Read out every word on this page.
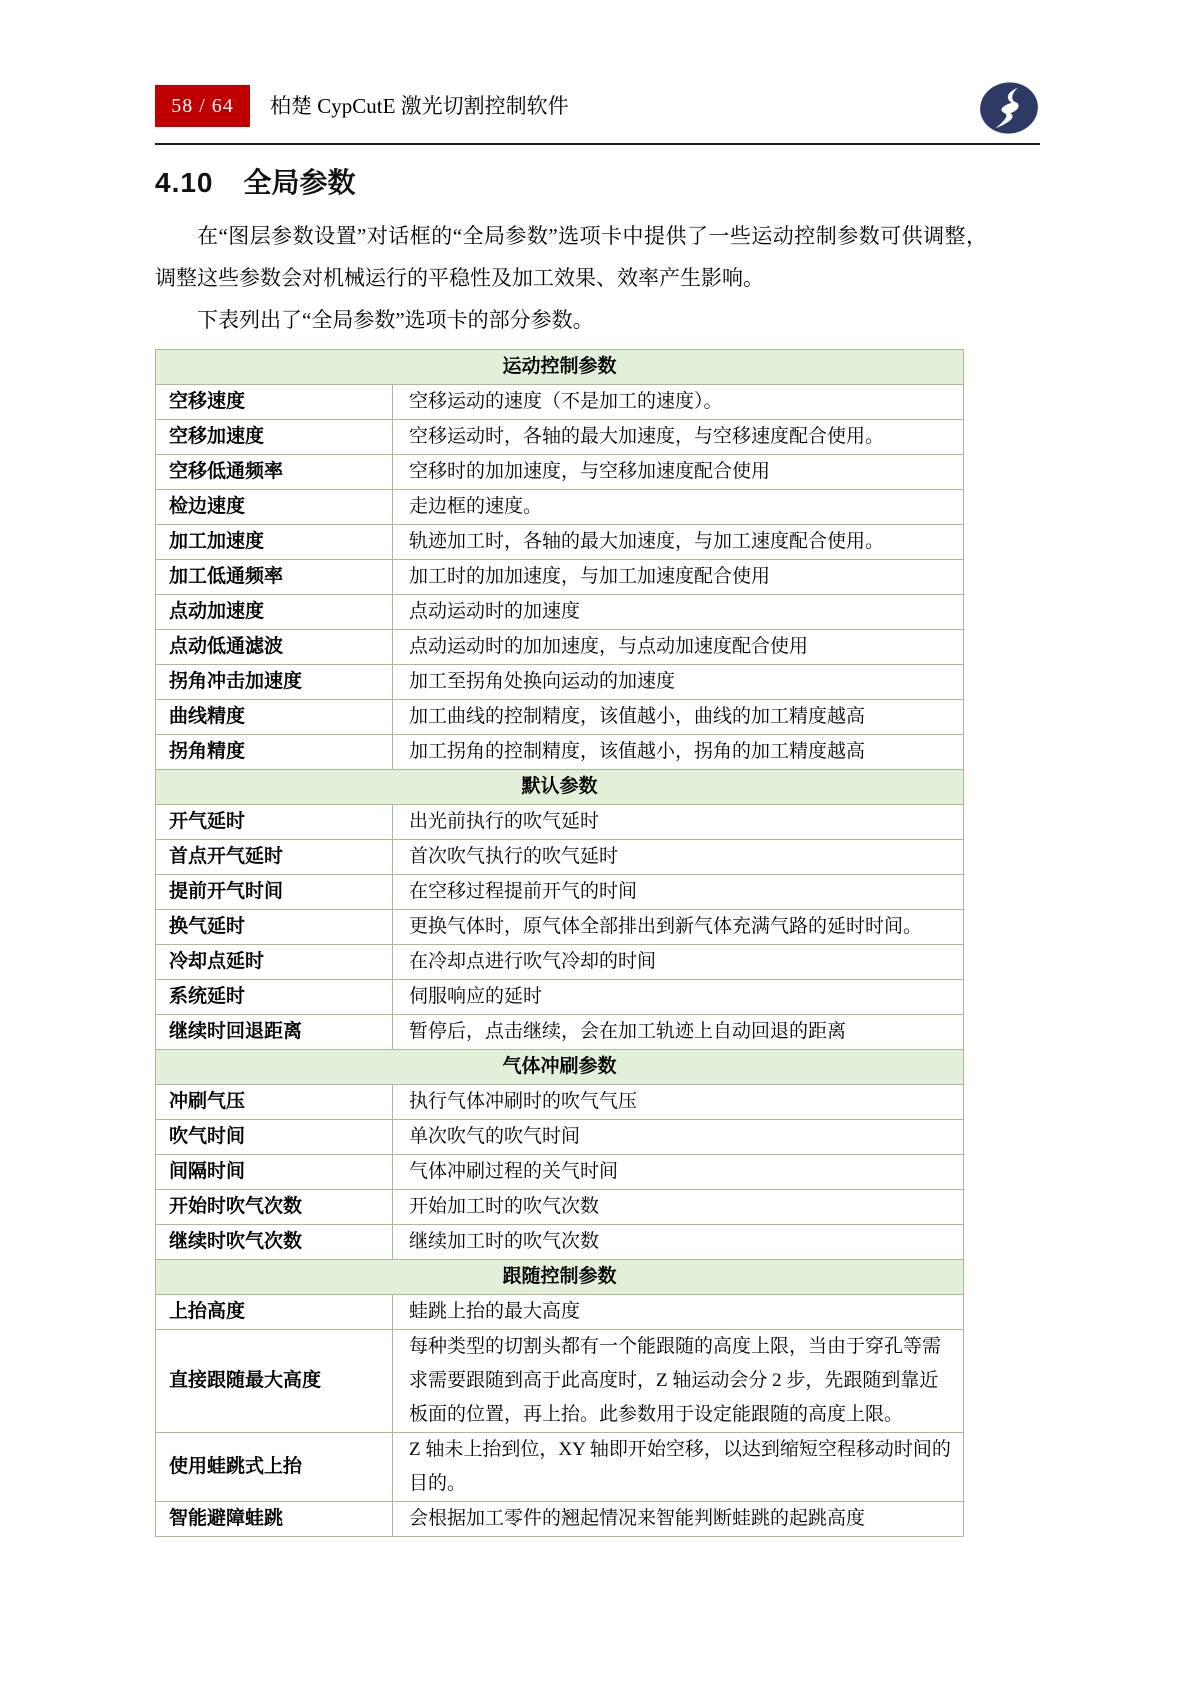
58 / 64 柏楚 CypCutE 激光切割控制软件
4.10 全局参数

在“图层参数设置”对话框的“全局参数”选项卡中提供了一些运动控制参数可供调整，调整这些参数会对机械运行的平稳性及加工效果、效率产生影响。

下表列出了“全局参数”选项卡的部分参数。

运动控制参数	
空移速度	空移运动的速度（不是加工的速度）。
空移加速度	空移运动时，各轴的最大加速度，与空移速度配合使用。
空移低通频率	空移时的加加速度，与空移加速度配合使用
检边速度	走边框的速度。
加工加速度	轨迹加工时，各轴的最大加速度，与加工速度配合使用。
加工低通频率	加工时的加加速度，与加工加速度配合使用
点动加速度	点动运动时的加速度
点动低通滤波	点动运动时的加加速度，与点动加速度配合使用
拐角冲击加速度	加工至拐角处换向运动的加速度
曲线精度	加工曲线的控制精度，该值越小，曲线的加工精度越高
拐角精度	加工拐角的控制精度，该值越小，拐角的加工精度越高
默认参数	
开气延时	出光前执行的吹气延时
首点开气延时	首次吹气执行的吹气延时
提前开气时间	在空移过程提前开气的时间
换气延时	更换气体时，原气体全部排出到新气体充满气路的延时时间。
冷却点延时	在冷却点进行吹气冷却的时间
系统延时	伺服响应的延时
继续时回退距离	暂停后，点击继续，会在加工轨迹上自动回退的距离
气体冲刷参数	
冲刷气压	执行气体冲刷时的吹气气压
吹气时间	单次吹气的吹气时间
间隔时间	气体冲刷过程的关气时间
开始时吹气次数	开始加工时的吹气次数
继续时吹气次数	继续加工时的吹气次数
跟随控制参数	
上抬高度	蛙跳上抬的最大高度
直接跟随最大高度	每种类型的切割头都有一个能跟随的高度上限，当由于穿孔等需求需要跟随到高于此高度时，Z 轴运动会分 2 步，先跟随到靠近板面的位置，再上抬。此参数用于设定能跟随的高度上限。
使用蛙跳式上抬	Z 轴未上抬到位，XY 轴即开始空移，以达到缩短空程移动时间的目的。
智能避障蛙跳	会根据加工零件的翘起情况来智能判断蛙跳的起跳高度
